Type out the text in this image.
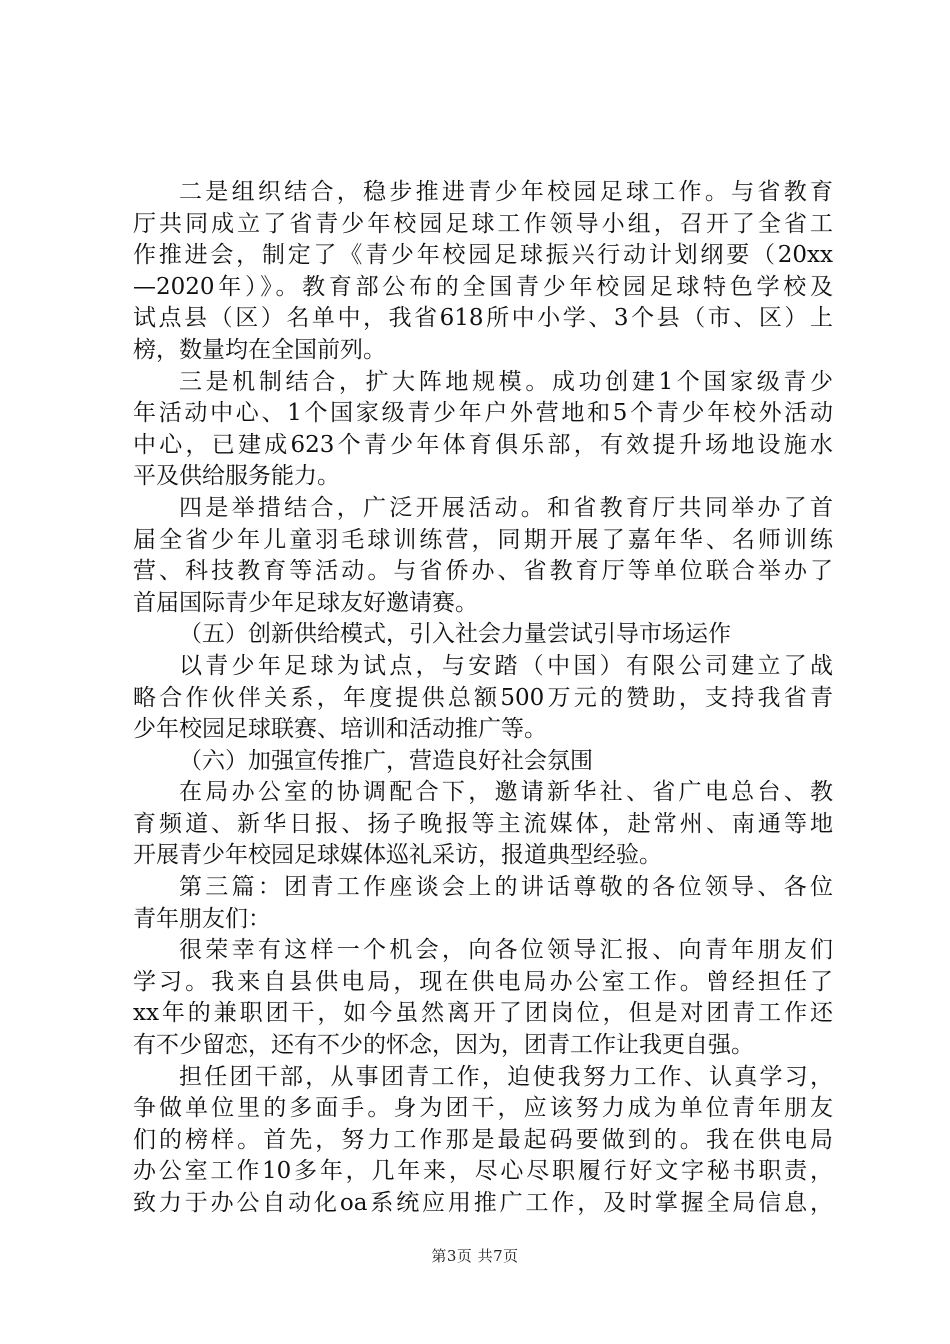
二是组织结合，稳步推进青少年校园足球工作。与省教育
厅共同成立了省青少年校园足球工作领导小组，召开了全省工
作推进会，制定了《青少年校园足球振兴行动计划纲要（20xx
—2020年）》。教育部公布的全国青少年校园足球特色学校及
试点县（区）名单中，我省618所中小学、3个县（市、区）上
榜，数量均在全国前列。
三是机制结合，扩大阵地规模。成功创建1个国家级青少
年活动中心、1个国家级青少年户外营地和5个青少年校外活动
中心，已建成623个青少年体育俱乐部，有效提升场地设施水
平及供给服务能力。
四是举措结合，广泛开展活动。和省教育厅共同举办了首
届全省少年儿童羽毛球训练营，同期开展了嘉年华、名师训练
营、科技教育等活动。与省侨办、省教育厅等单位联合举办了
首届国际青少年足球友好邀请赛。
（五）创新供给模式，引入社会力量尝试引导市场运作
以青少年足球为试点，与安踏（中国）有限公司建立了战
略合作伙伴关系，年度提供总额500万元的赞助，支持我省青
少年校园足球联赛、培训和活动推广等。
（六）加强宣传推广，营造良好社会氛围
在局办公室的协调配合下，邀请新华社、省广电总台、教
育频道、新华日报、扬子晚报等主流媒体，赴常州、南通等地
开展青少年校园足球媒体巡礼采访，报道典型经验。
第三篇：团青工作座谈会上的讲话尊敬的各位领导、各位
青年朋友们：
很荣幸有这样一个机会，向各位领导汇报、向青年朋友们
学习。我来自县供电局，现在供电局办公室工作。曾经担任了
xx年的兼职团干，如今虽然离开了团岗位，但是对团青工作还
有不少留恋，还有不少的怀念，因为，团青工作让我更自强。
担任团干部，从事团青工作，迫使我努力工作、认真学习，
争做单位里的多面手。身为团干，应该努力成为单位青年朋友
们的榜样。首先，努力工作那是最起码要做到的。我在供电局
办公室工作10多年，几年来，尽心尽职履行好文字秘书职责，
致力于办公自动化oa系统应用推广工作，及时掌握全局信息，
第3页 共7页
